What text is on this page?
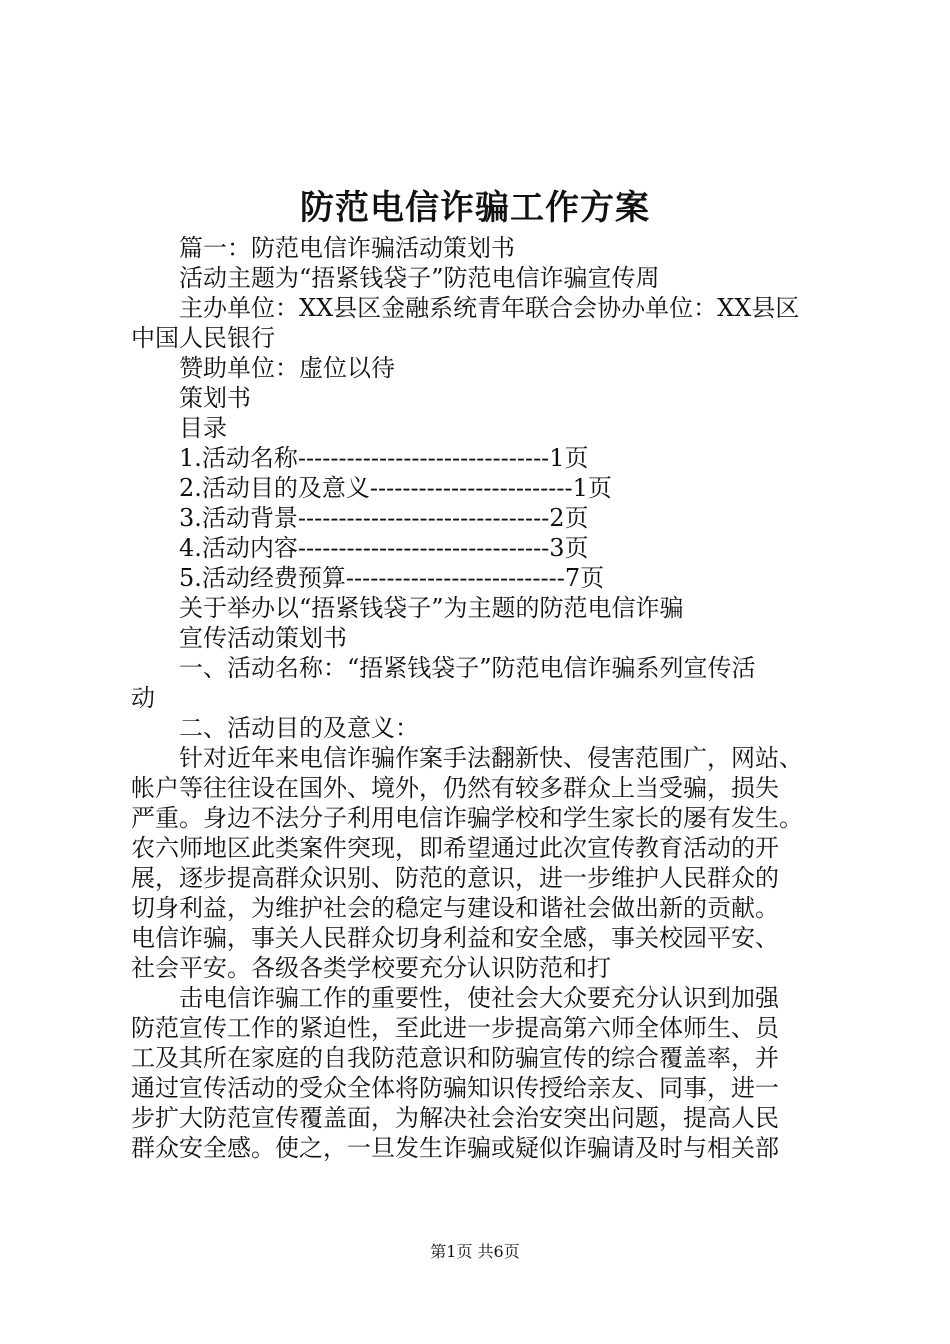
防范电信诈骗工作方案
篇一：防范电信诈骗活动策划书
活动主题为“捂紧钱袋子”防范电信诈骗宣传周
主办单位：XX县区金融系统青年联合会协办单位：XX县区
中国人民银行
赞助单位：虚位以待
策划书
目录
1.活动名称-------------------------------1页
2.活动目的及意义-------------------------1页
3.活动背景-------------------------------2页
4.活动内容-------------------------------3页
5.活动经费预算---------------------------7页
关于举办以“捂紧钱袋子”为主题的防范电信诈骗
宣传活动策划书
一、活动名称：“捂紧钱袋子”防范电信诈骗系列宣传活
动
二、活动目的及意义：
针对近年来电信诈骗作案手法翻新快、侵害范围广，网站、
帐户等往往设在国外、境外，仍然有较多群众上当受骗，损失
严重。身边不法分子利用电信诈骗学校和学生家长的屡有发生。
农六师地区此类案件突现，即希望通过此次宣传教育活动的开
展，逐步提高群众识别、防范的意识，进一步维护人民群众的
切身利益，为维护社会的稳定与建设和谐社会做出新的贡献。
电信诈骗，事关人民群众切身利益和安全感，事关校园平安、
社会平安。各级各类学校要充分认识防范和打
击电信诈骗工作的重要性，使社会大众要充分认识到加强
防范宣传工作的紧迫性，至此进一步提高第六师全体师生、员
工及其所在家庭的自我防范意识和防骗宣传的综合覆盖率，并
通过宣传活动的受众全体将防骗知识传授给亲友、同事，进一
步扩大防范宣传覆盖面，为解决社会治安突出问题，提高人民
群众安全感。使之，一旦发生诈骗或疑似诈骗请及时与相关部
第1页 共6页
